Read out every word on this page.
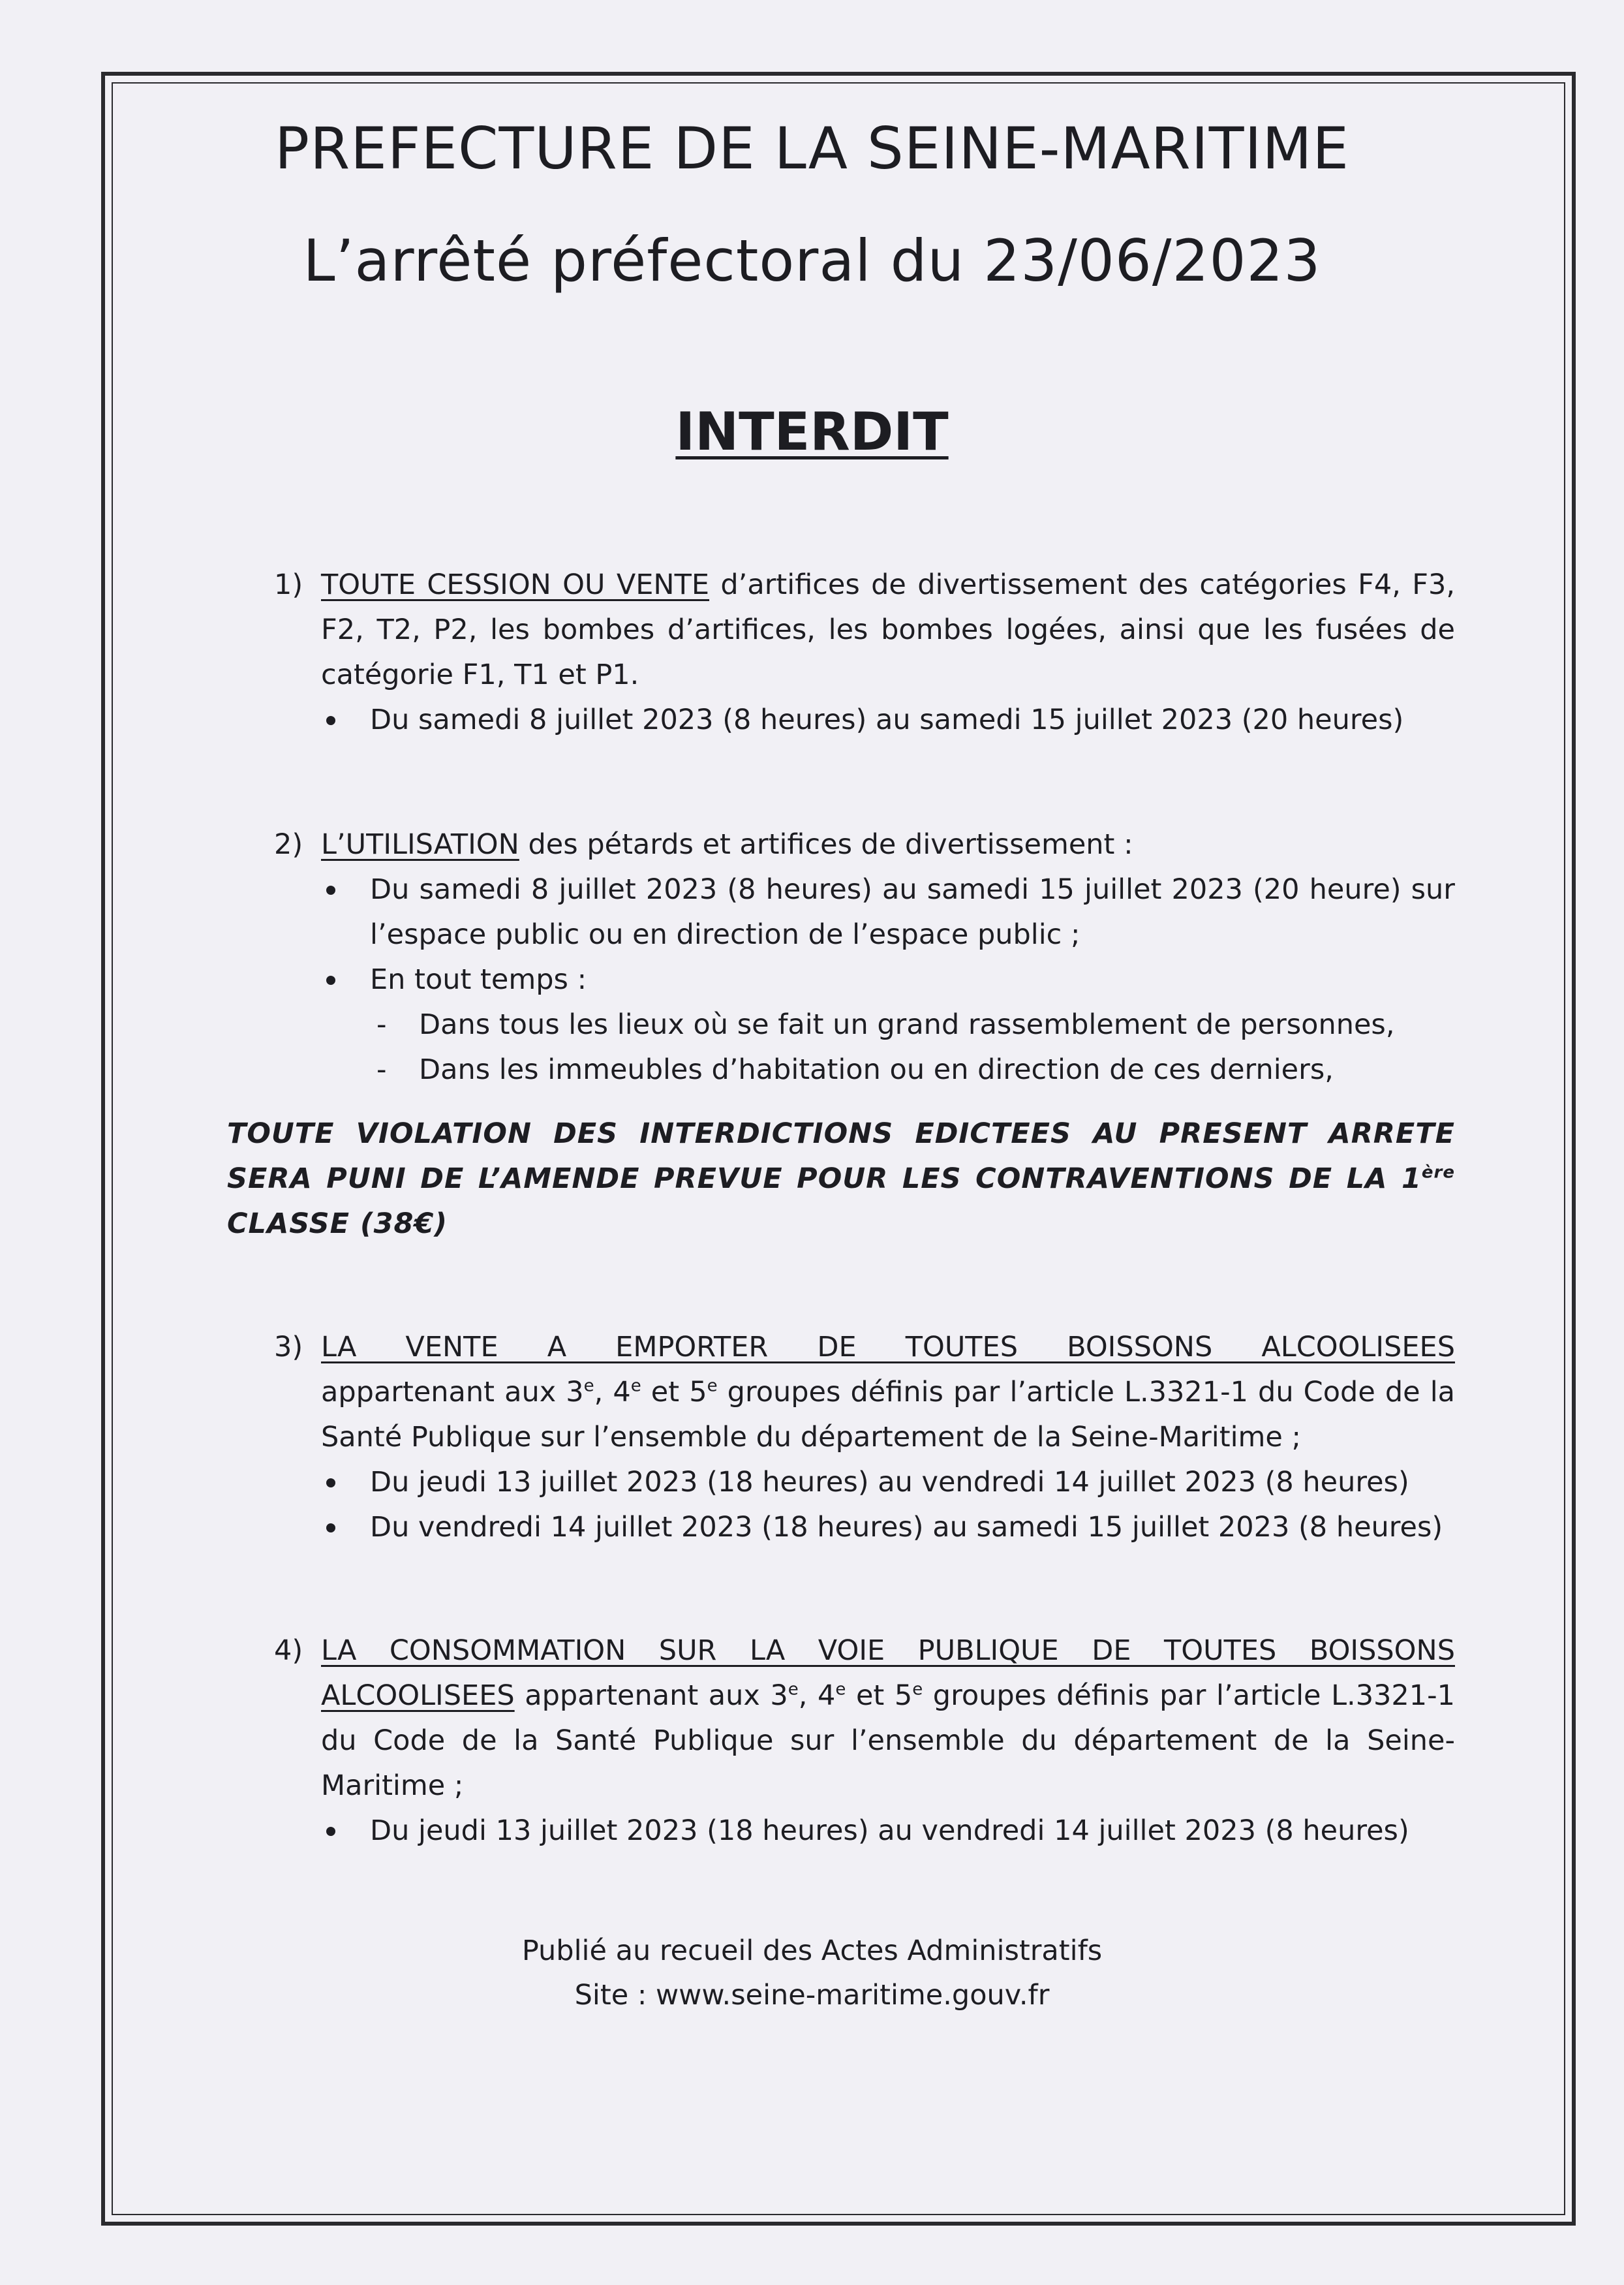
PREFECTURE DE LA SEINE-MARITIME
L’arrêté préfectoral du 23/06/2023
INTERDIT
1) TOUTE CESSION OU VENTE d’artifices de divertissement des catégories F4, F3, F2, T2, P2, les bombes d’artifices, les bombes logées, ainsi que les fusées de catégorie F1, T1 et P1.
Du samedi 8 juillet 2023 (8 heures) au samedi 15 juillet 2023 (20 heures)
2) L’UTILISATION des pétards et artifices de divertissement :
Du samedi 8 juillet 2023 (8 heures) au samedi 15 juillet 2023 (20 heure) sur l’espace public ou en direction de l’espace public ;
En tout temps :
- Dans tous les lieux où se fait un grand rassemblement de personnes,
- Dans les immeubles d’habitation ou en direction de ces derniers,
TOUTE VIOLATION DES INTERDICTIONS EDICTEES AU PRESENT ARRETE SERA PUNI DE L’AMENDE PREVUE POUR LES CONTRAVENTIONS DE LA 1ère CLASSE (38€)
3) LA VENTE A EMPORTER DE TOUTES BOISSONS ALCOOLISEES appartenant aux 3e, 4e et 5e groupes définis par l’article L.3321-1 du Code de la Santé Publique sur l’ensemble du département de la Seine-Maritime ;
Du jeudi 13 juillet 2023 (18 heures) au vendredi 14 juillet 2023 (8 heures)
Du vendredi 14 juillet 2023 (18 heures) au samedi 15 juillet 2023 (8 heures)
4) LA CONSOMMATION SUR LA VOIE PUBLIQUE DE TOUTES BOISSONS ALCOOLISEES appartenant aux 3e, 4e et 5e groupes définis par l’article L.3321-1 du Code de la Santé Publique sur l’ensemble du département de la Seine-Maritime ;
Du jeudi 13 juillet 2023 (18 heures) au vendredi 14 juillet 2023 (8 heures)
Publié au recueil des Actes Administratifs
Site : www.seine-maritime.gouv.fr
